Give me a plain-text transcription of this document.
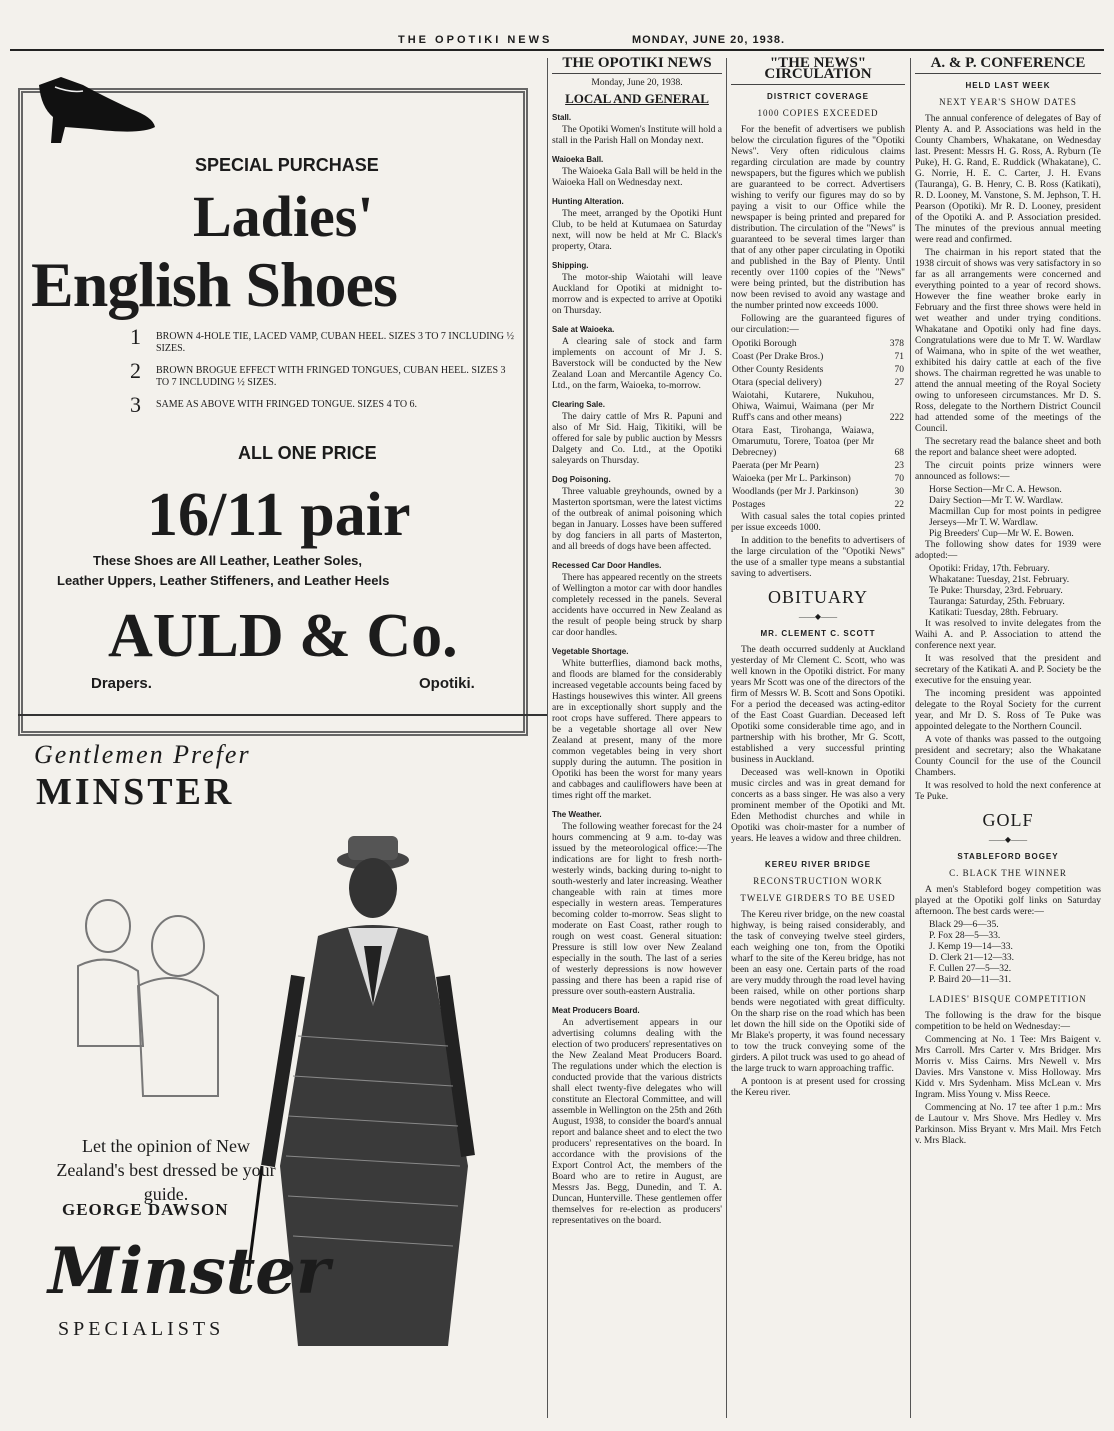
THE OPOTIKI NEWS	MONDAY, JUNE 20, 1938.
SPECIAL PURCHASE
Ladies'
English Shoes
1 BROWN 4-HOLE TIE, LACED VAMP, CUBAN HEEL. SIZES 3 TO 7 INCLUDING ½ SIZES.
2 BROWN BROGUE EFFECT WITH FRINGED TONGUES, CUBAN HEEL. SIZES 3 TO 7 INCLUDING ½ SIZES.
3 SAME AS ABOVE WITH FRINGED TONGUE. SIZES 4 TO 6.
ALL ONE PRICE
16/11 pair
These Shoes are All Leather, Leather Soles,
Leather Uppers, Leather Stiffeners, and Leather Heels
AULD & Co.
Drapers.	Opotiki.
Gentlemen Prefer
MINSTER
Let the opinion of New Zealand's best dressed be your guide.
GEORGE DAWSON
Minster
SPECIALISTS
THE OPOTIKI NEWS
Monday, June 20, 1938.
LOCAL AND GENERAL
Stall.

The Opotiki Women's Institute will hold a stall in the Parish Hall on Monday next.

Waioeka Ball.

The Waioeka Gala Ball will be held in the Waioeka Hall on Wednesday next.

Hunting Alteration.

The meet, arranged by the Opotiki Hunt Club, to be held at Kutumaea on Saturday next, will now be held at Mr C. Black's property, Otara.

Shipping.

The motor-ship Waiotahi will leave Auckland for Opotiki at midnight to-morrow and is expected to arrive at Opotiki on Thursday.

Sale at Waioeka.

A clearing sale of stock and farm implements on account of Mr J. S. Baverstock will be conducted by the New Zealand Loan and Mercantile Agency Co. Ltd., on the farm, Waioeka, to-morrow.

Clearing Sale.

The dairy cattle of Mrs R. Papuni and also of Mr Sid. Haig, Tikitiki, will be offered for sale by public auction by Messrs Dalgety and Co. Ltd., at the Opotiki saleyards on Thursday.

Dog Poisoning.

Three valuable greyhounds, owned by a Masterton sportsman, were the latest victims of the outbreak of animal poisoning which began in January. Losses have been suffered by dog fanciers in all parts of Masterton, and all breeds of dogs have been affected.

Recessed Car Door Handles.

There has appeared recently on the streets of Wellington a motor car with door handles completely recessed in the panels. Several accidents have occurred in New Zealand as the result of people being struck by sharp car door handles.

Vegetable Shortage.

White butterflies, diamond back moths, and floods are blamed for the considerably increased vegetable accounts being faced by Hastings housewives this winter. All greens are in exceptionally short supply and the root crops have suffered. There appears to be a vegetable shortage all over New Zealand at present, many of the more common vegetables being in very short supply during the autumn. The position in Opotiki has been the worst for many years and cabbages and cauliflowers have been at times right off the market.

The Weather.

The following weather forecast for the 24 hours commencing at 9 a.m. to-day was issued by the meteorological office:—The indications are for light to fresh north-westerly winds, backing during to-night to south-westerly and later increasing. Weather changeable with rain at times more especially in western areas. Temperatures becoming colder to-morrow. Seas slight to moderate on East Coast, rather rough to rough on west coast. General situation: Pressure is still low over New Zealand especially in the south. The last of a series of westerly depressions is now however passing and there has been a rapid rise of pressure over south-eastern Australia.

Meat Producers Board.

An advertisement appears in our advertising columns dealing with the election of two producers' representatives on the New Zealand Meat Producers Board. The regulations under which the election is conducted provide that the various districts shall elect twenty-five delegates who will constitute an Electoral Committee, and will assemble in Wellington on the 25th and 26th August, 1938, to consider the board's annual report and balance sheet and to elect the two producers' representatives on the board. In accordance with the provisions of the Export Control Act, the members of the Board who are to retire in August, are Messrs Jas. Begg, Dunedin, and T. A. Duncan, Hunterville. These gentlemen offer themselves for re-election as producers' representatives on the board.

"THE NEWS" CIRCULATION
DISTRICT COVERAGE
1000 COPIES EXCEEDED

For the benefit of advertisers we publish below the circulation figures of the "Opotiki News". Very often ridiculous claims regarding circulation are made by country newspapers, but the figures which we publish are guaranteed to be correct. Advertisers wishing to verify our figures may do so by paying a visit to our Office while the newspaper is being printed and prepared for distribution. The circulation of the "News" is guaranteed to be several times larger than that of any other paper circulating in Opotiki and published in the Bay of Plenty. Until recently over 1100 copies of the "News" were being printed, but the distribution has now been revised to avoid any wastage and the number printed now exceeds 1000.

Following are the guaranteed figures of our circulation:—

Opotiki Borough	378
Coast (Per Drake Bros.)	71
Other County Residents	70
Otara (special delivery)	27
Waiotahi, Kutarere, Nukuhou, Ohiwa, Waimui, Waimana (per Mr Ruff's cans and other means)	222
Otara East, Tirohanga, Waiawa, Omarumutu, Torere, Toatoa (per Mr Debrecney)	68
Paerata (per Mr Pearn)	23
Waioeka (per Mr L. Parkinson)	70
Woodlands (per Mr J. Parkinson)	30
Postages	22

With casual sales the total copies printed per issue exceeds 1000.

In addition to the benefits to advertisers of the large circulation of the "Opotiki News" the use of a smaller type means a substantial saving to advertisers.

OBITUARY
——◆——
MR. CLEMENT C. SCOTT

The death occurred suddenly at Auckland yesterday of Mr Clement C. Scott, who was well known in the Opotiki district. For many years Mr Scott was one of the directors of the firm of Messrs W. B. Scott and Sons Opotiki. For a period the deceased was acting-editor of the East Coast Guardian. Deceased left Opotiki some considerable time ago, and in partnership with his brother, Mr G. Scott, established a very successful printing business in Auckland.

Deceased was well-known in Opotiki music circles and was in great demand for concerts as a bass singer. He was also a very prominent member of the Opotiki and Mt. Eden Methodist churches and while in Opotiki was choir-master for a number of years. He leaves a widow and three children.

KEREU RIVER BRIDGE
RECONSTRUCTION WORK
TWELVE GIRDERS TO BE USED

The Kereu river bridge, on the new coastal highway, is being raised considerably, and the task of conveying twelve steel girders, each weighing one ton, from the Opotiki wharf to the site of the Kereu bridge, has not been an easy one. Certain parts of the road are very muddy through the road level having been raised, while on other portions sharp bends were negotiated with great difficulty. On the sharp rise on the road which has been let down the hill side on the Opotiki side of Mr Blake's property, it was found necessary to tow the truck conveying some of the girders. A pilot truck was used to go ahead of the large truck to warn approaching traffic.

A pontoon is at present used for crossing the Kereu river.

A. & P. CONFERENCE
HELD LAST WEEK
NEXT YEAR'S SHOW DATES

The annual conference of delegates of Bay of Plenty A. and P. Associations was held in the County Chambers, Whakatane, on Wednesday last. Present: Messrs H. G. Ross, A. Ryburn (Te Puke), H. G. Rand, E. Ruddick (Whakatane), C. G. Norrie, H. E. C. Carter, J. H. Evans (Tauranga), G. B. Henry, C. B. Ross (Katikati), R. D. Looney, M. Vanstone, S. M. Jephson, T. H. Pearson (Opotiki). Mr R. D. Looney, president of the Opotiki A. and P. Association presided. The minutes of the previous annual meeting were read and confirmed.

The chairman in his report stated that the 1938 circuit of shows was very satisfactory in so far as all arrangements were concerned and everything pointed to a year of record shows. However the fine weather broke early in February and the first three shows were held in wet weather and under trying conditions. Whakatane and Opotiki only had fine days. Congratulations were due to Mr T. W. Wardlaw of Waimana, who in spite of the wet weather, exhibited his dairy cattle at each of the five shows. The chairman regretted he was unable to attend the annual meeting of the Royal Society owing to unforeseen circumstances. Mr D. S. Ross, delegate to the Northern District Council had attended some of the meetings of the Council.

The secretary read the balance sheet and both the report and balance sheet were adopted.

The circuit points prize winners were announced as follows:—

Horse Section—Mr C. A. Hewson.
Dairy Section—Mr T. W. Wardlaw.
Macmillan Cup for most points in pedigree Jerseys—Mr T. W. Wardlaw.
Pig Breeders' Cup—Mr W. E. Bowen.

The following show dates for 1939 were adopted:—

Opotiki: Friday, 17th. February.
Whakatane: Tuesday, 21st. February.
Te Puke: Thursday, 23rd. February.
Tauranga: Saturday, 25th. February.
Katikati: Tuesday, 28th. February.

It was resolved to invite delegates from the Waihi A. and P. Association to attend the conference next year.

It was resolved that the president and secretary of the Katikati A. and P. Society be the executive for the ensuing year.

The incoming president was appointed delegate to the Royal Society for the current year, and Mr D. S. Ross of Te Puke was appointed delegate to the Northern Council.

A vote of thanks was passed to the outgoing president and secretary; also the Whakatane County Council for the use of the Council Chambers.

It was resolved to hold the next conference at Te Puke.

GOLF
——◆——
STABLEFORD BOGEY
C. BLACK THE WINNER

A men's Stableford bogey competition was played at the Opotiki golf links on Saturday afternoon. The best cards were:—

Black 29—6—35.
P. Fox 28—5—33.
J. Kemp 19—14—33.
D. Clerk 21—12—33.
F. Cullen 27—5—32.
P. Baird 20—11—31.
LADIES' BISQUE COMPETITION

The following is the draw for the bisque competition to be held on Wednesday:—

Commencing at No. 1 Tee: Mrs Baigent v. Mrs Carroll. Mrs Carter v. Mrs Bridger. Mrs Morris v. Miss Cairns. Mrs Newell v. Mrs Davies. Mrs Vanstone v. Miss Holloway. Mrs Kidd v. Mrs Sydenham. Miss McLean v. Mrs Ingram. Miss Young v. Miss Reece.

Commencing at No. 17 tee after 1 p.m.: Mrs de Lautour v. Mrs Shove. Mrs Hedley v. Mrs Parkinson. Miss Bryant v. Mrs Mail. Mrs Fetch v. Mrs Black.
